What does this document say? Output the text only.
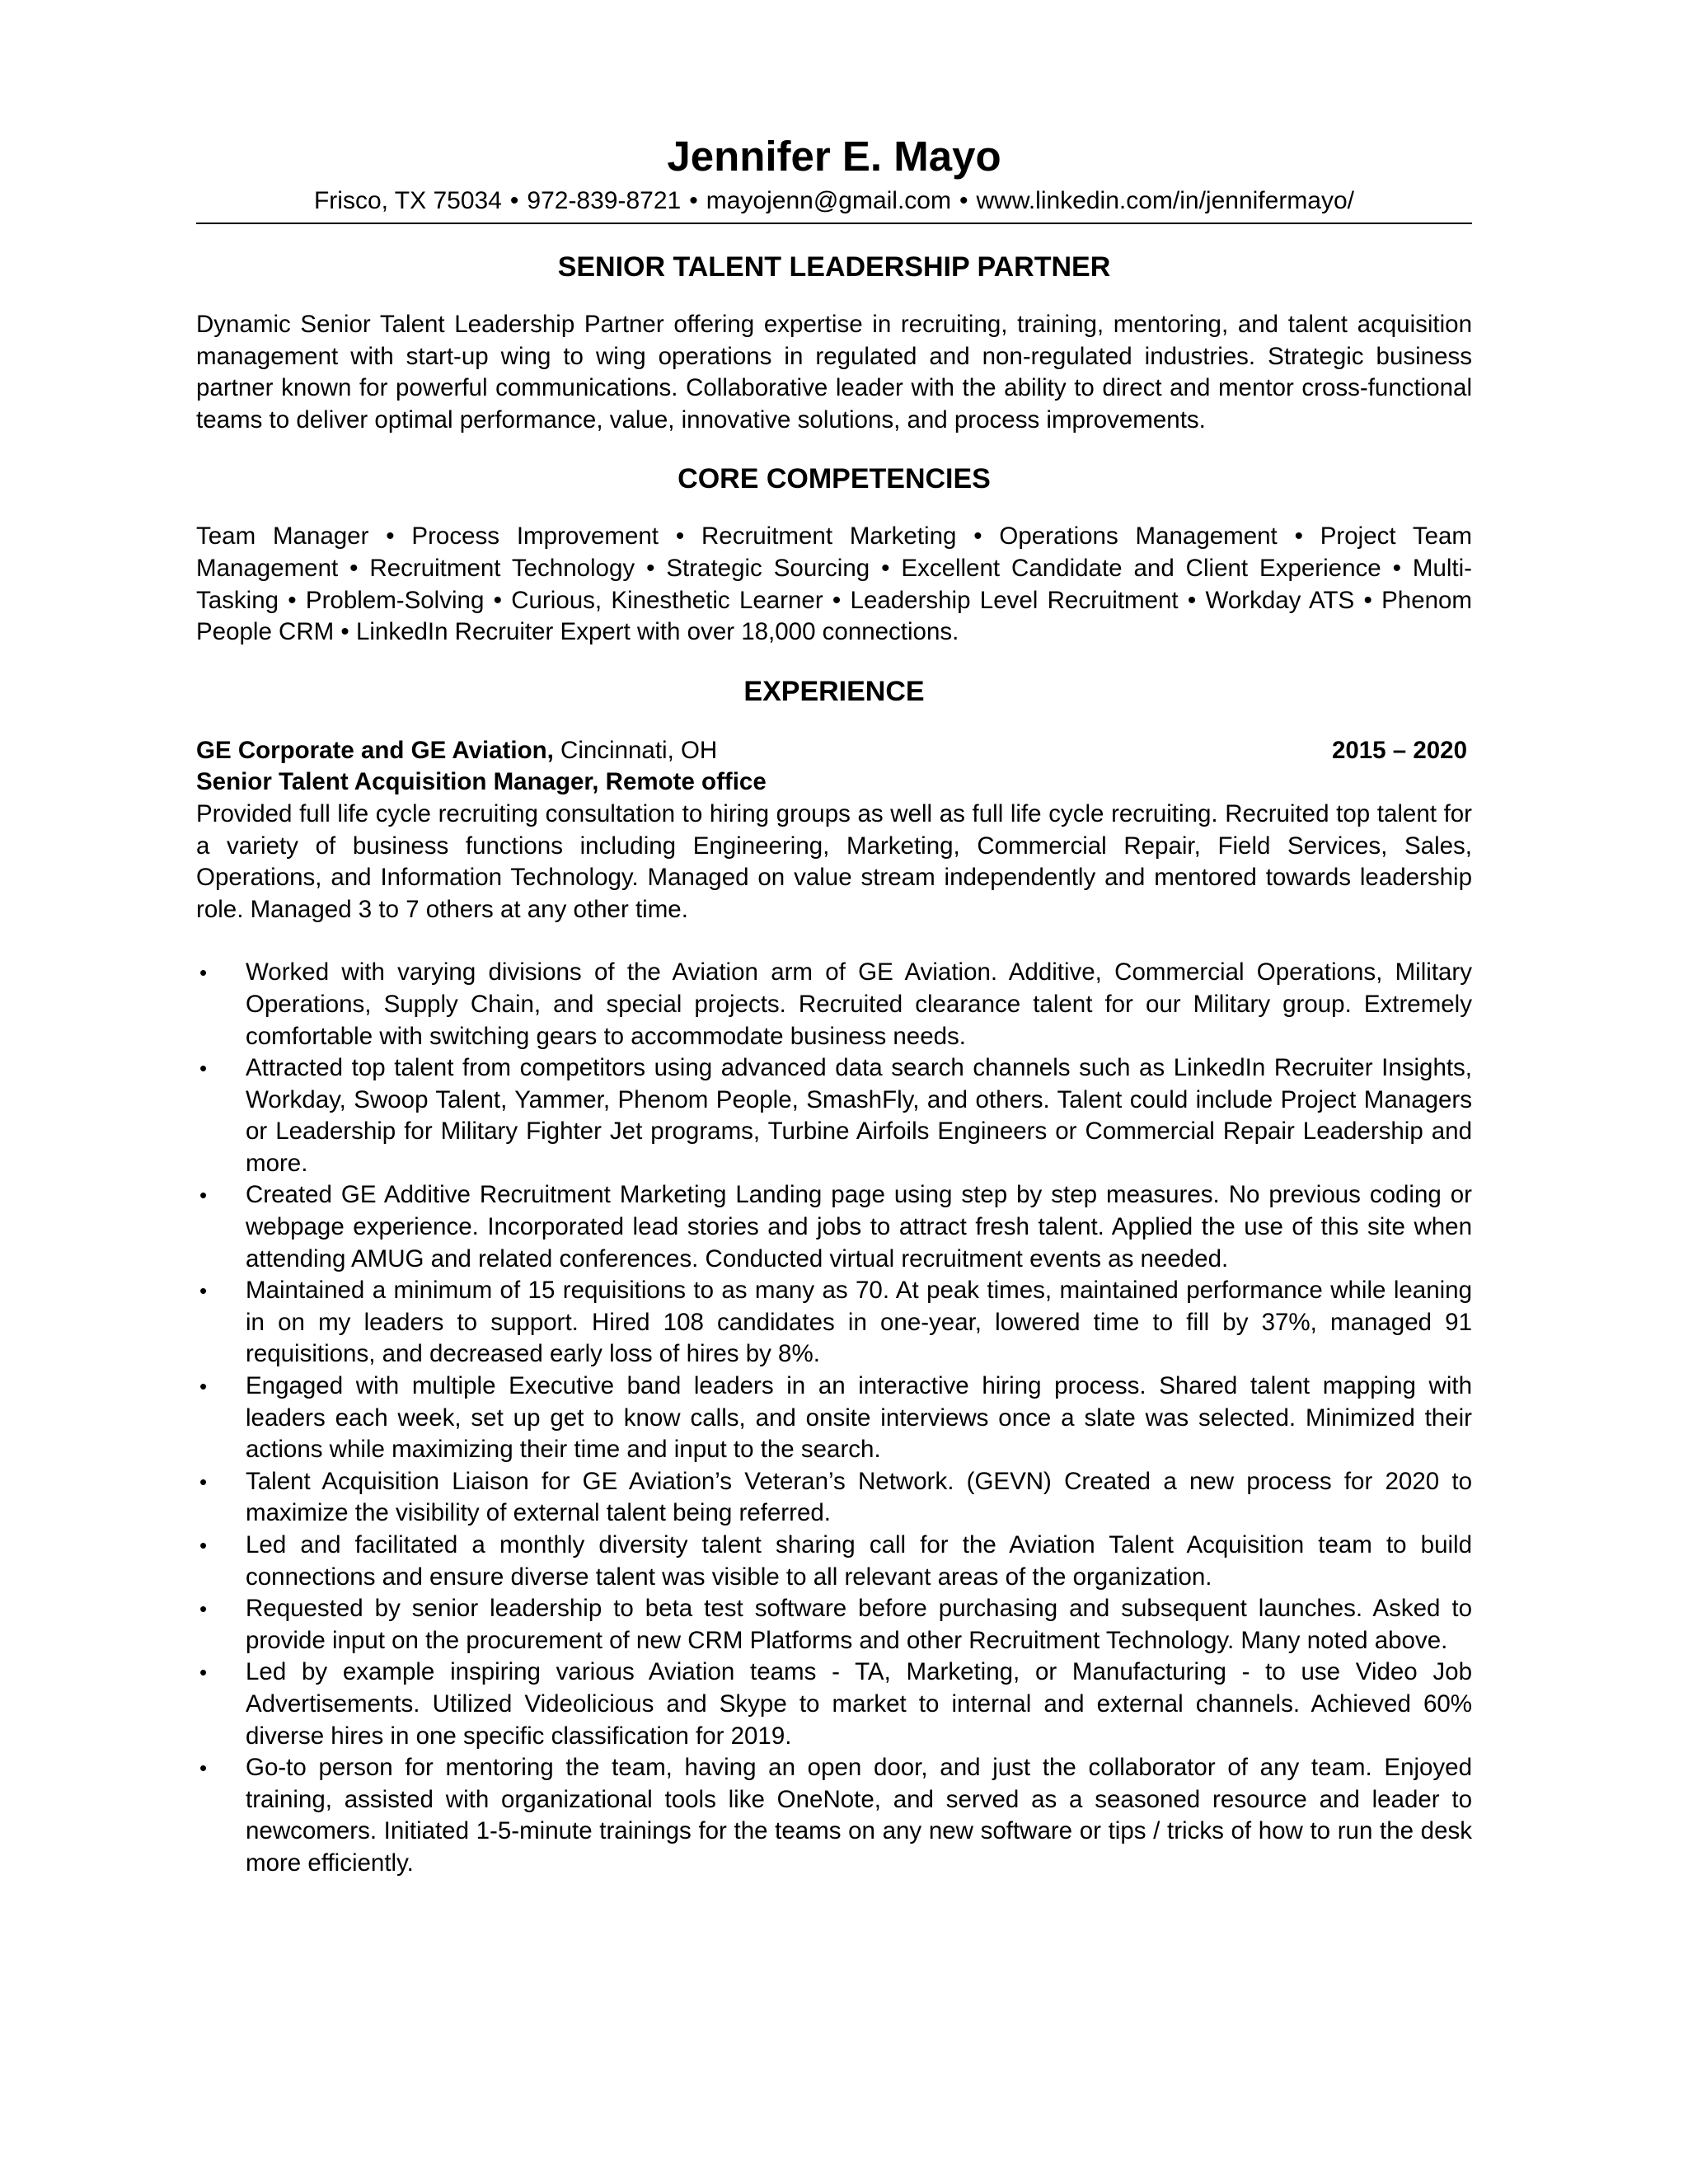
Jennifer E. Mayo
Frisco, TX 75034 • 972-839-8721 • mayojenn@gmail.com • www.linkedin.com/in/jennifermayo/
SENIOR TALENT LEADERSHIP PARTNER

Dynamic Senior Talent Leadership Partner offering expertise in recruiting, training, mentoring, and talent acquisition management with start-up wing to wing operations in regulated and non-regulated industries. Strategic business partner known for powerful communications. Collaborative leader with the ability to direct and mentor cross-functional teams to deliver optimal performance, value, innovative solutions, and process improvements.

CORE COMPETENCIES

Team Manager • Process Improvement • Recruitment Marketing • Operations Management • Project Team Management • Recruitment Technology • Strategic Sourcing • Excellent Candidate and Client Experience • Multi-Tasking • Problem-Solving • Curious, Kinesthetic Learner • Leadership Level Recruitment • Workday ATS • Phenom People CRM • LinkedIn Recruiter Expert with over 18,000 connections.

EXPERIENCE
GE Corporate and GE Aviation, Cincinnati, OH	2015 – 2020

Senior Talent Acquisition Manager, Remote office

Provided full life cycle recruiting consultation to hiring groups as well as full life cycle recruiting. Recruited top talent for a variety of business functions including Engineering, Marketing, Commercial Repair, Field Services, Sales, Operations, and Information Technology. Managed on value stream independently and mentored towards leadership role. Managed 3 to 7 others at any other time.

• Worked with varying divisions of the Aviation arm of GE Aviation. Additive, Commercial Operations, Military Operations, Supply Chain, and special projects. Recruited clearance talent for our Military group. Extremely comfortable with switching gears to accommodate business needs.
• Attracted top talent from competitors using advanced data search channels such as LinkedIn Recruiter Insights, Workday, Swoop Talent, Yammer, Phenom People, SmashFly, and others. Talent could include Project Managers or Leadership for Military Fighter Jet programs, Turbine Airfoils Engineers or Commercial Repair Leadership and more.
• Created GE Additive Recruitment Marketing Landing page using step by step measures. No previous coding or webpage experience. Incorporated lead stories and jobs to attract fresh talent. Applied the use of this site when attending AMUG and related conferences. Conducted virtual recruitment events as needed.
• Maintained a minimum of 15 requisitions to as many as 70. At peak times, maintained performance while leaning in on my leaders to support. Hired 108 candidates in one-year, lowered time to fill by 37%, managed 91 requisitions, and decreased early loss of hires by 8%.
• Engaged with multiple Executive band leaders in an interactive hiring process. Shared talent mapping with leaders each week, set up get to know calls, and onsite interviews once a slate was selected. Minimized their actions while maximizing their time and input to the search.
• Talent Acquisition Liaison for GE Aviation’s Veteran’s Network. (GEVN) Created a new process for 2020 to maximize the visibility of external talent being referred.
• Led and facilitated a monthly diversity talent sharing call for the Aviation Talent Acquisition team to build connections and ensure diverse talent was visible to all relevant areas of the organization.
• Requested by senior leadership to beta test software before purchasing and subsequent launches. Asked to provide input on the procurement of new CRM Platforms and other Recruitment Technology. Many noted above.
• Led by example inspiring various Aviation teams - TA, Marketing, or Manufacturing - to use Video Job Advertisements. Utilized Videolicious and Skype to market to internal and external channels. Achieved 60% diverse hires in one specific classification for 2019.
• Go-to person for mentoring the team, having an open door, and just the collaborator of any team. Enjoyed training, assisted with organizational tools like OneNote, and served as a seasoned resource and leader to newcomers. Initiated 1-5-minute trainings for the teams on any new software or tips / tricks of how to run the desk more efficiently.
